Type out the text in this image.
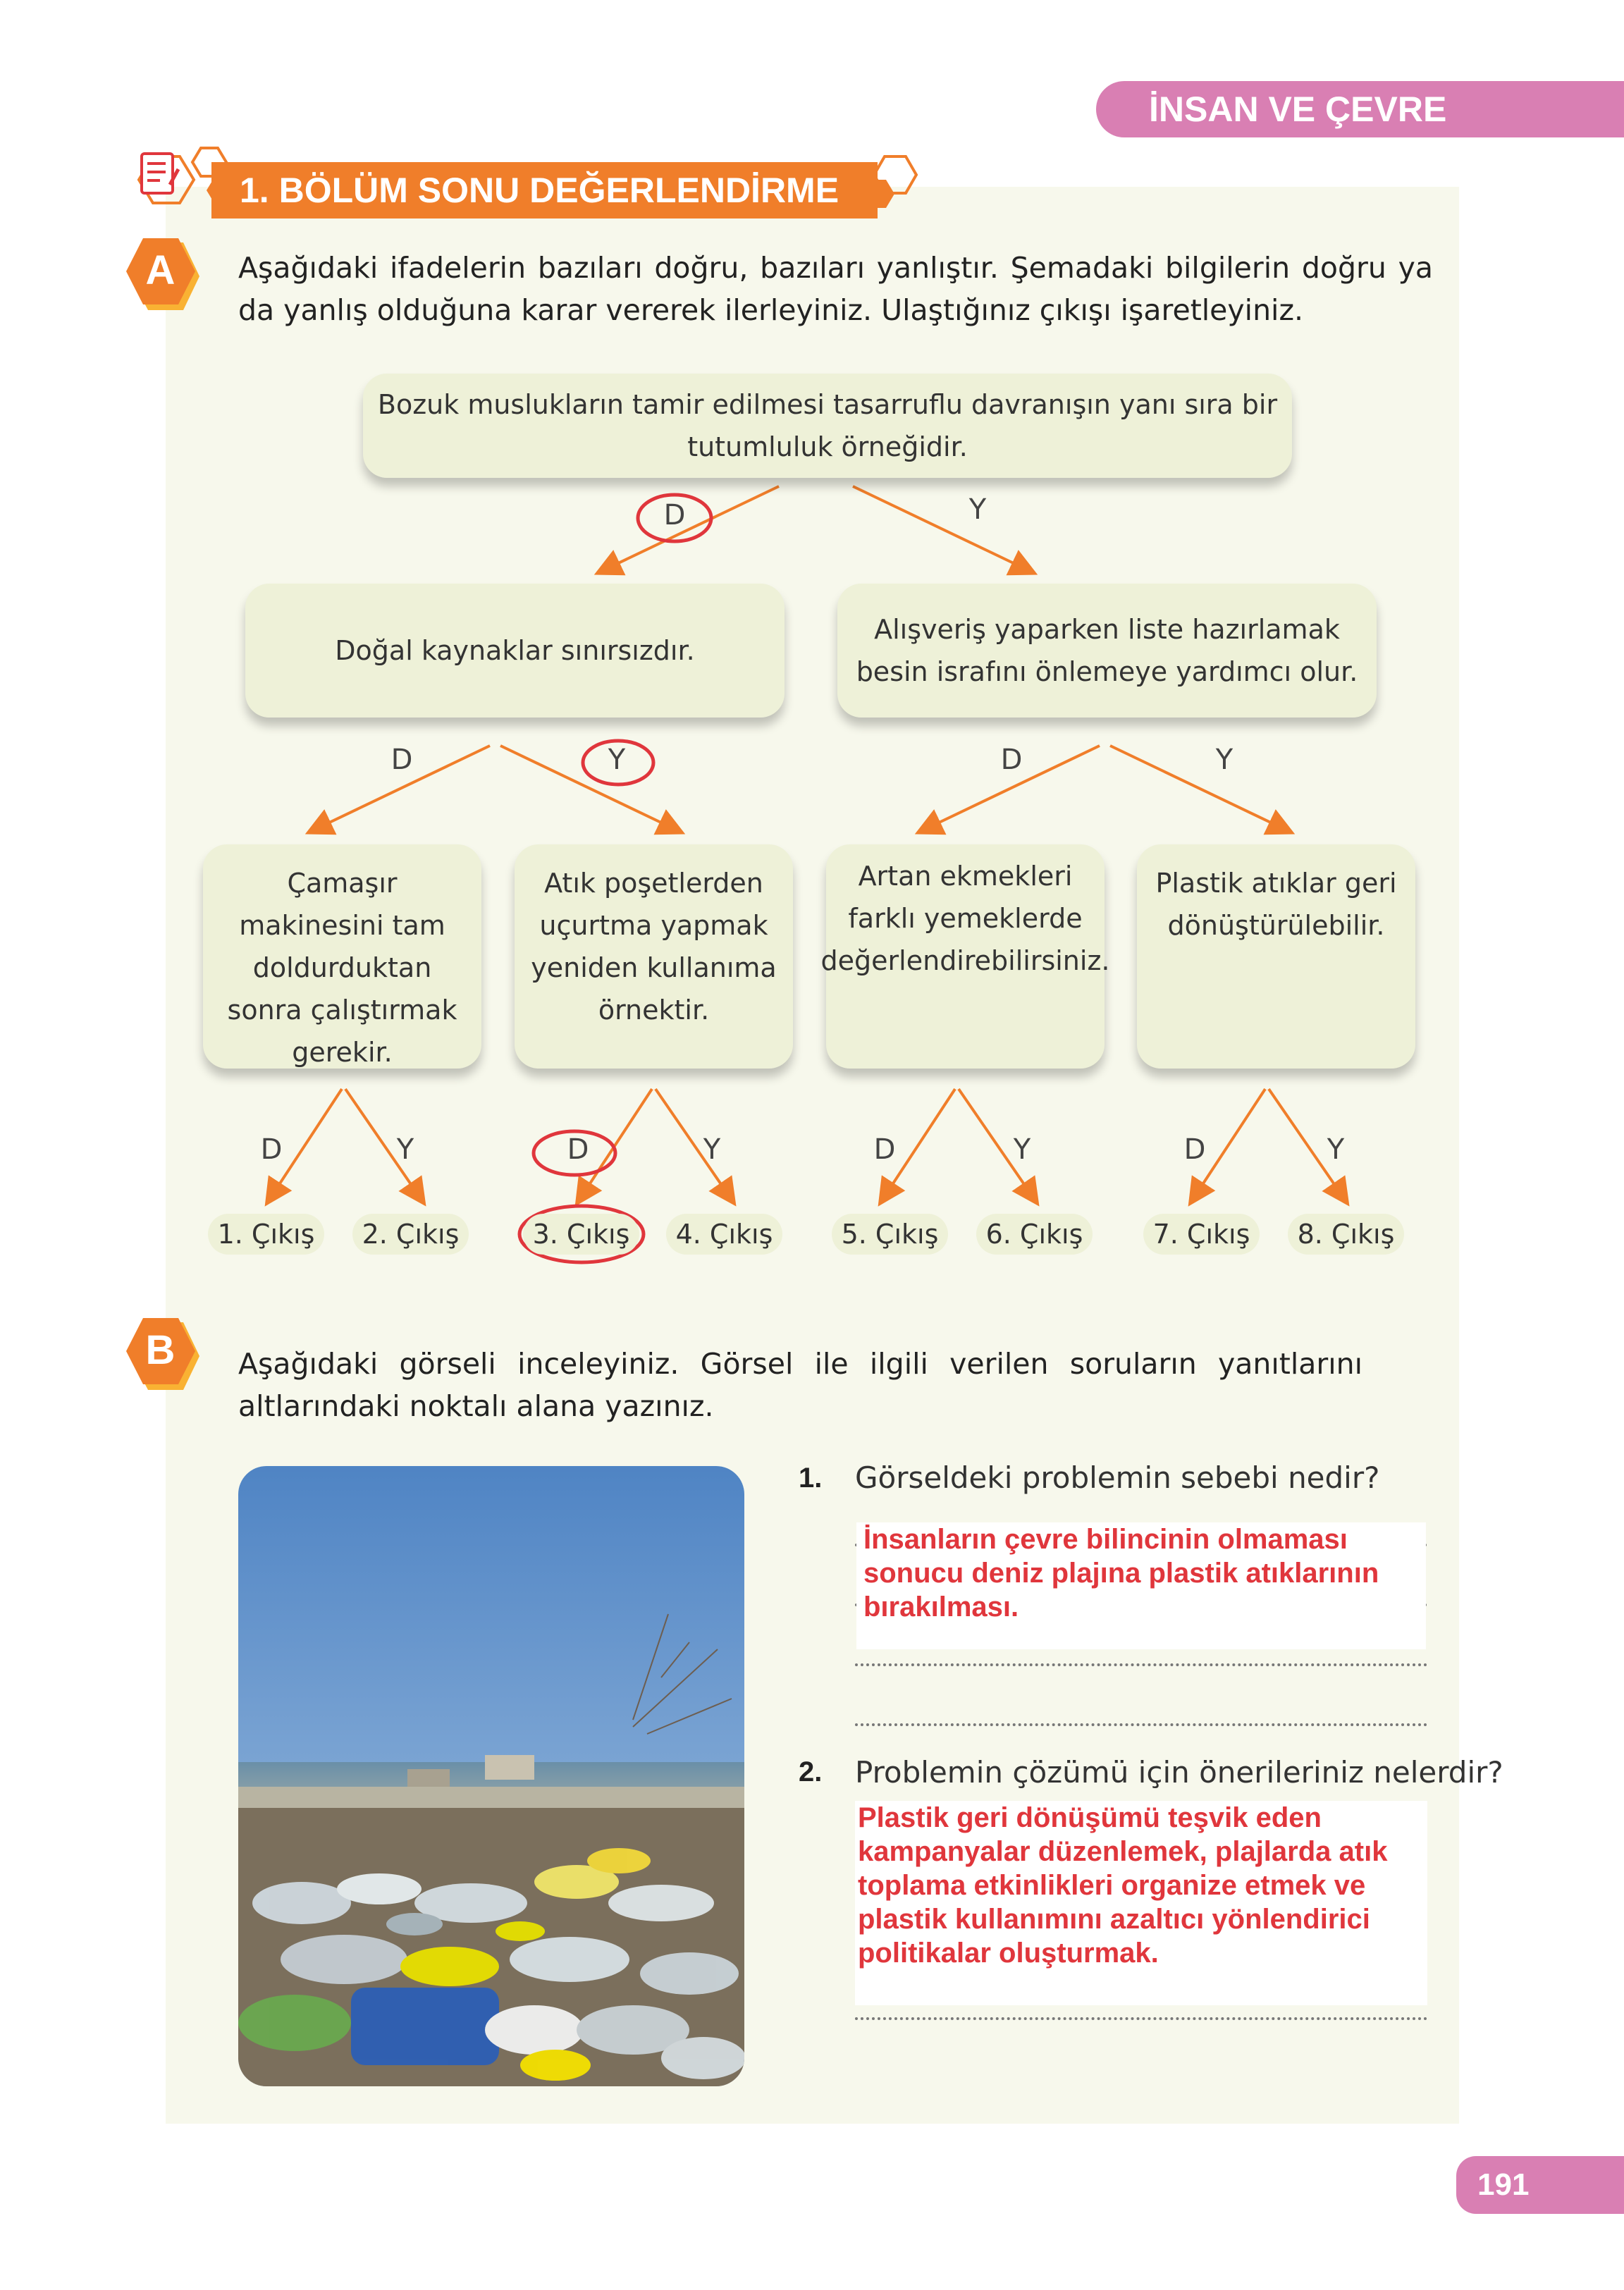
İNSAN VE ÇEVRE
1. BÖLÜM SONU DEĞERLENDİRME
A	Aşağıdaki ifadelerin bazıları doğru, bazıları yanlıştır. Şemadaki bilgilerin doğru ya da yanlış olduğuna karar vererek ilerleyiniz. Ulaştığınız çıkışı işaretleyiniz.
Bozuk muslukların tamir edilmesi tasarruflu davranışın yanı sıra bir tutumluluk örneğidir.
D	Y
Doğal kaynaklar sınırsızdır.
Alışveriş yaparken liste hazırlamak besin israfını önlemeye yardımcı olur.
D	Y	D	Y
Çamaşır makinesini tam doldurduktan sonra çalıştırmak gerekir.
Atık poşetlerden uçurtma yapmak yeniden kullanıma örnektir.
Artan ekmekleri farklı yemeklerde değerlendirebilirsiniz.
Plastik atıklar geri dönüştürülebilir.
D	Y	D	Y	D	Y	D	Y
1. Çıkış	2. Çıkış	3. Çıkış	4. Çıkış	5. Çıkış	6. Çıkış	7. Çıkış	8. Çıkış
B	Aşağıdaki görseli inceleyiniz. Görsel ile ilgili verilen soruların yanıtlarını altlarındaki noktalı alana yazınız.
1. Görseldeki problemin sebebi nedir?
İnsanların çevre bilincinin olmaması sonucu deniz plajına plastik atıklarının bırakılması.
2. Problemin çözümü için önerileriniz nelerdir?
Plastik geri dönüşümü teşvik eden kampanyalar düzenlemek, plajlarda atık toplama etkinlikleri organize etmek ve plastik kullanımını azaltıcı yönlendirici politikalar oluşturmak.
191
